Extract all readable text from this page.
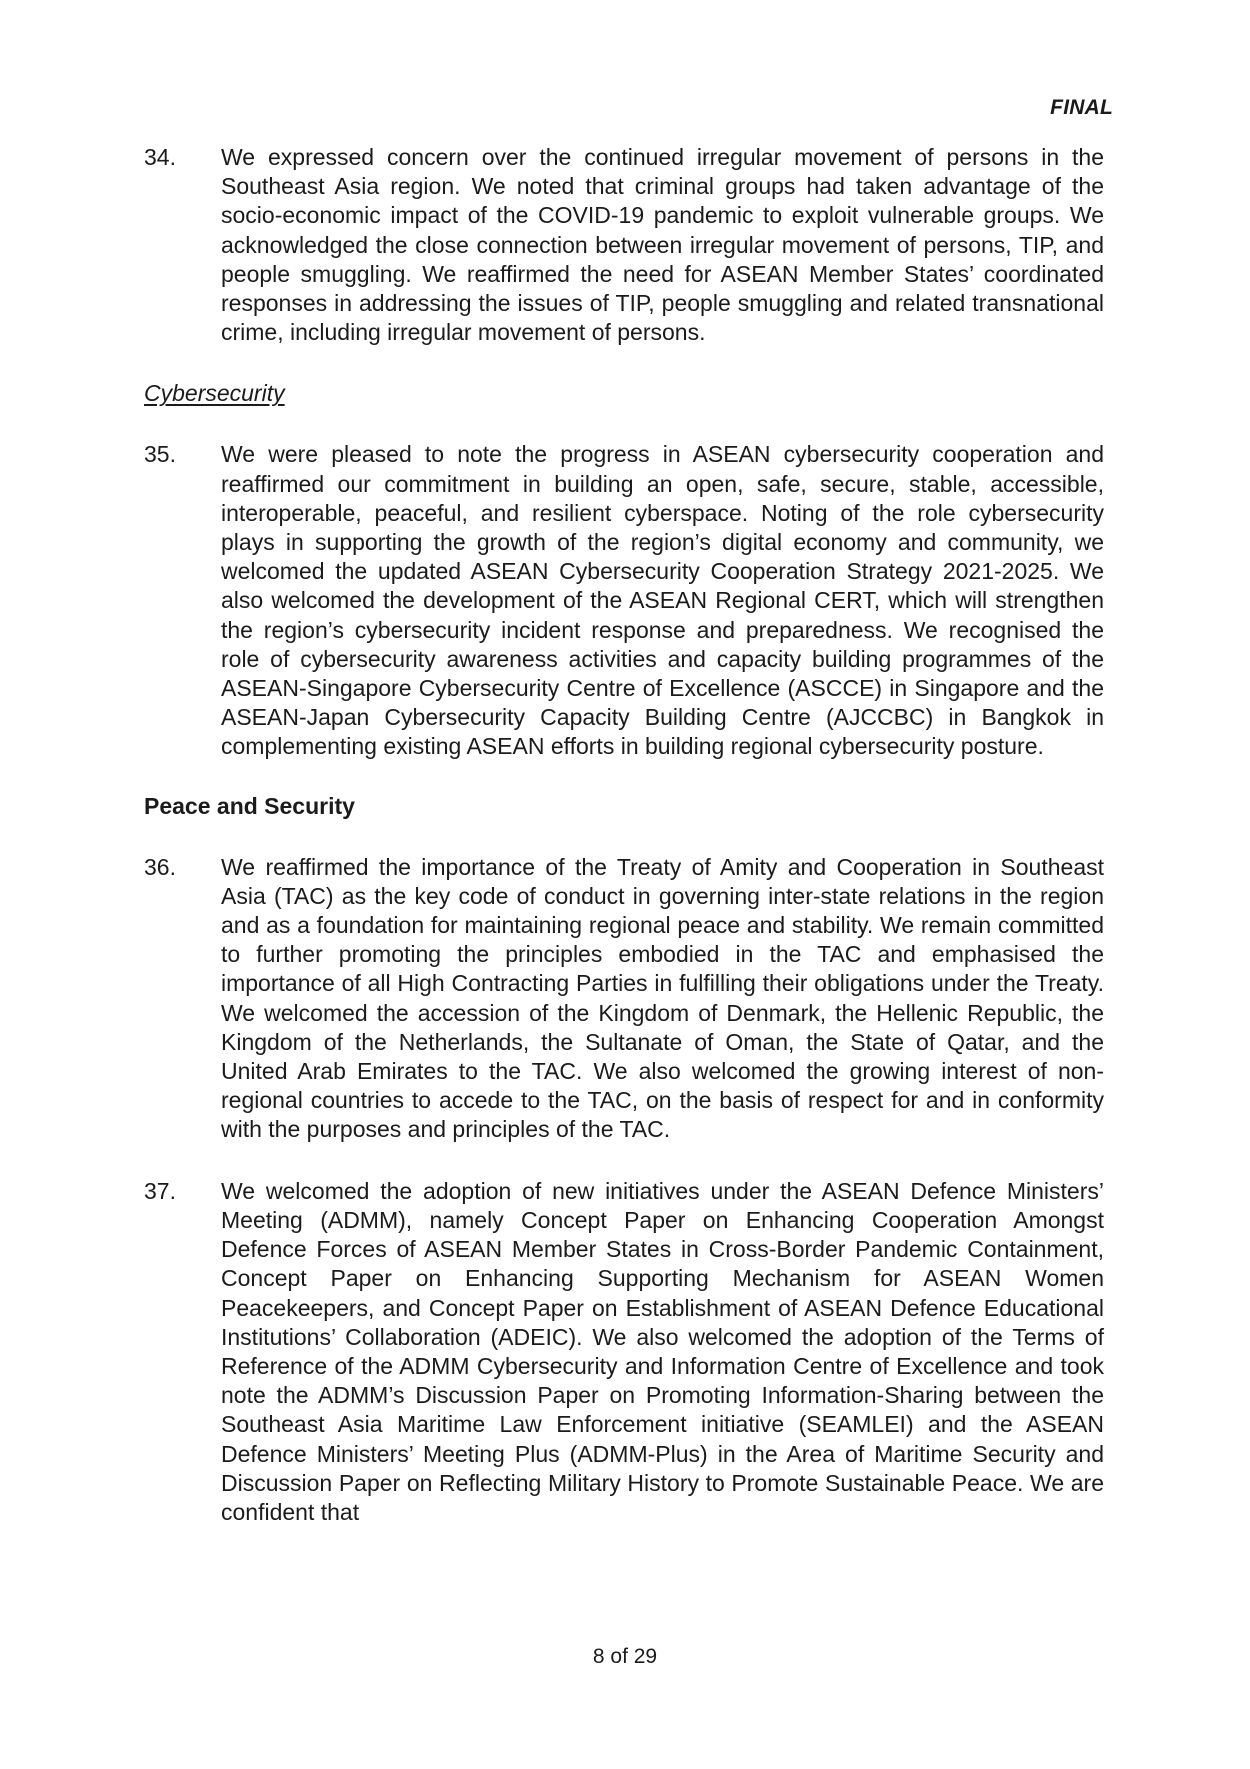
FINAL
34.	We expressed concern over the continued irregular movement of persons in the Southeast Asia region. We noted that criminal groups had taken advantage of the socio-economic impact of the COVID-19 pandemic to exploit vulnerable groups. We acknowledged the close connection between irregular movement of persons, TIP, and people smuggling. We reaffirmed the need for ASEAN Member States’ coordinated responses in addressing the issues of TIP, people smuggling and related transnational crime, including irregular movement of persons.

Cybersecurity

35.	We were pleased to note the progress in ASEAN cybersecurity cooperation and reaffirmed our commitment in building an open, safe, secure, stable, accessible, interoperable, peaceful, and resilient cyberspace. Noting of the role cybersecurity plays in supporting the growth of the region’s digital economy and community, we welcomed the updated ASEAN Cybersecurity Cooperation Strategy 2021-2025. We also welcomed the development of the ASEAN Regional CERT, which will strengthen the region’s cybersecurity incident response and preparedness. We recognised the role of cybersecurity awareness activities and capacity building programmes of the ASEAN-Singapore Cybersecurity Centre of Excellence (ASCCE) in Singapore and the ASEAN-Japan Cybersecurity Capacity Building Centre (AJCCBC) in Bangkok in complementing existing ASEAN efforts in building regional cybersecurity posture.

Peace and Security

36.	We reaffirmed the importance of the Treaty of Amity and Cooperation in Southeast Asia (TAC) as the key code of conduct in governing inter-state relations in the region and as a foundation for maintaining regional peace and stability. We remain committed to further promoting the principles embodied in the TAC and emphasised the importance of all High Contracting Parties in fulfilling their obligations under the Treaty. We welcomed the accession of the Kingdom of Denmark, the Hellenic Republic, the Kingdom of the Netherlands, the Sultanate of Oman, the State of Qatar, and the United Arab Emirates to the TAC. We also welcomed the growing interest of non-regional countries to accede to the TAC, on the basis of respect for and in conformity with the purposes and principles of the TAC.

37.	We welcomed the adoption of new initiatives under the ASEAN Defence Ministers’ Meeting (ADMM), namely Concept Paper on Enhancing Cooperation Amongst Defence Forces of ASEAN Member States in Cross-Border Pandemic Containment, Concept Paper on Enhancing Supporting Mechanism for ASEAN Women Peacekeepers, and Concept Paper on Establishment of ASEAN Defence Educational Institutions’ Collaboration (ADEIC). We also welcomed the adoption of the Terms of Reference of the ADMM Cybersecurity and Information Centre of Excellence and took note the ADMM’s Discussion Paper on Promoting Information-Sharing between the Southeast Asia Maritime Law Enforcement initiative (SEAMLEI) and the ASEAN Defence Ministers’ Meeting Plus (ADMM-Plus) in the Area of Maritime Security and Discussion Paper on Reflecting Military History to Promote Sustainable Peace. We are confident that

8 of 29
